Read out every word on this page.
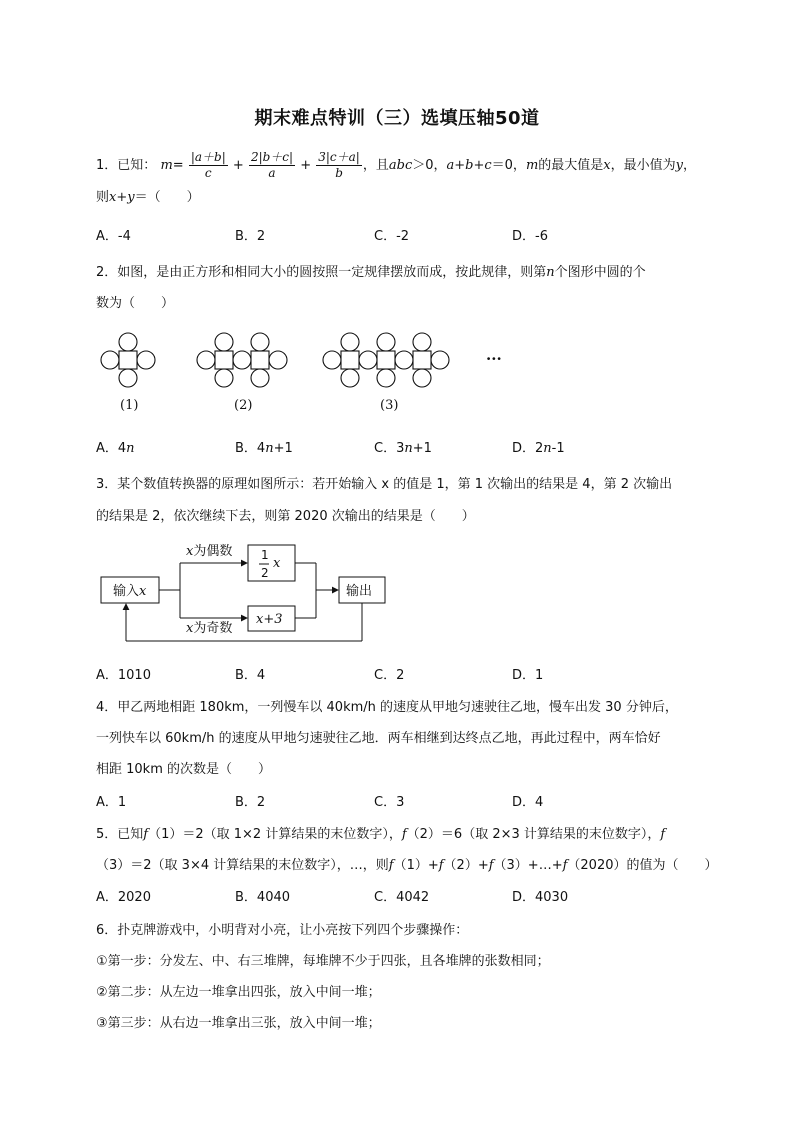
期末难点特训（三）选填压轴50道
1．已知： $m= \frac{|a+b|}{c} + \frac{2|b+c|}{a} + \frac{3|c+a|}{b}$ ，且abc＞0，a+b+c＝0，m的最大值是x，最小值为y，
则x+y＝（　　）
A．-4	B．2	C．-2	D．-6
2．如图，是由正方形和相同大小的圆按照一定规律摆放而成，按此规律，则第n个图形中圆的个
数为（　　）
(1)	(2)	(3)
···
A．4n	B．4n+1	C．3n+1	D．2n-1
3．某个数值转换器的原理如图所示：若开始输入 x 的值是 1，第 1 次输出的结果是 4，第 2 次输出
的结果是 2，依次继续下去，则第 2020 次输出的结果是（　　）
输入x
x为偶数 1
2
x
x+3
x为奇数
输出
A．1010	B．4	C．2	D．1
4．甲乙两地相距 180km，一列慢车以 40km/h 的速度从甲地匀速驶往乙地，慢车出发 30 分钟后，
一列快车以 60km/h 的速度从甲地匀速驶往乙地．两车相继到达终点乙地，再此过程中，两车恰好
相距 10km 的次数是（　　）
A．1	B．2	C．3	D．4
5．已知f（1）＝2（取 1×2 计算结果的末位数字），f（2）＝6（取 2×3 计算结果的末位数字），f
（3）＝2（取 3×4 计算结果的末位数字），…，则f（1）+f（2）+f（3）+…+f（2020）的值为（　　）
A．2020	B．4040	C．4042	D．4030
6．扑克牌游戏中，小明背对小亮，让小亮按下列四个步骤操作：
①第一步：分发左、中、右三堆牌，每堆牌不少于四张，且各堆牌的张数相同；
②第二步：从左边一堆拿出四张，放入中间一堆；
③第三步：从右边一堆拿出三张，放入中间一堆；
